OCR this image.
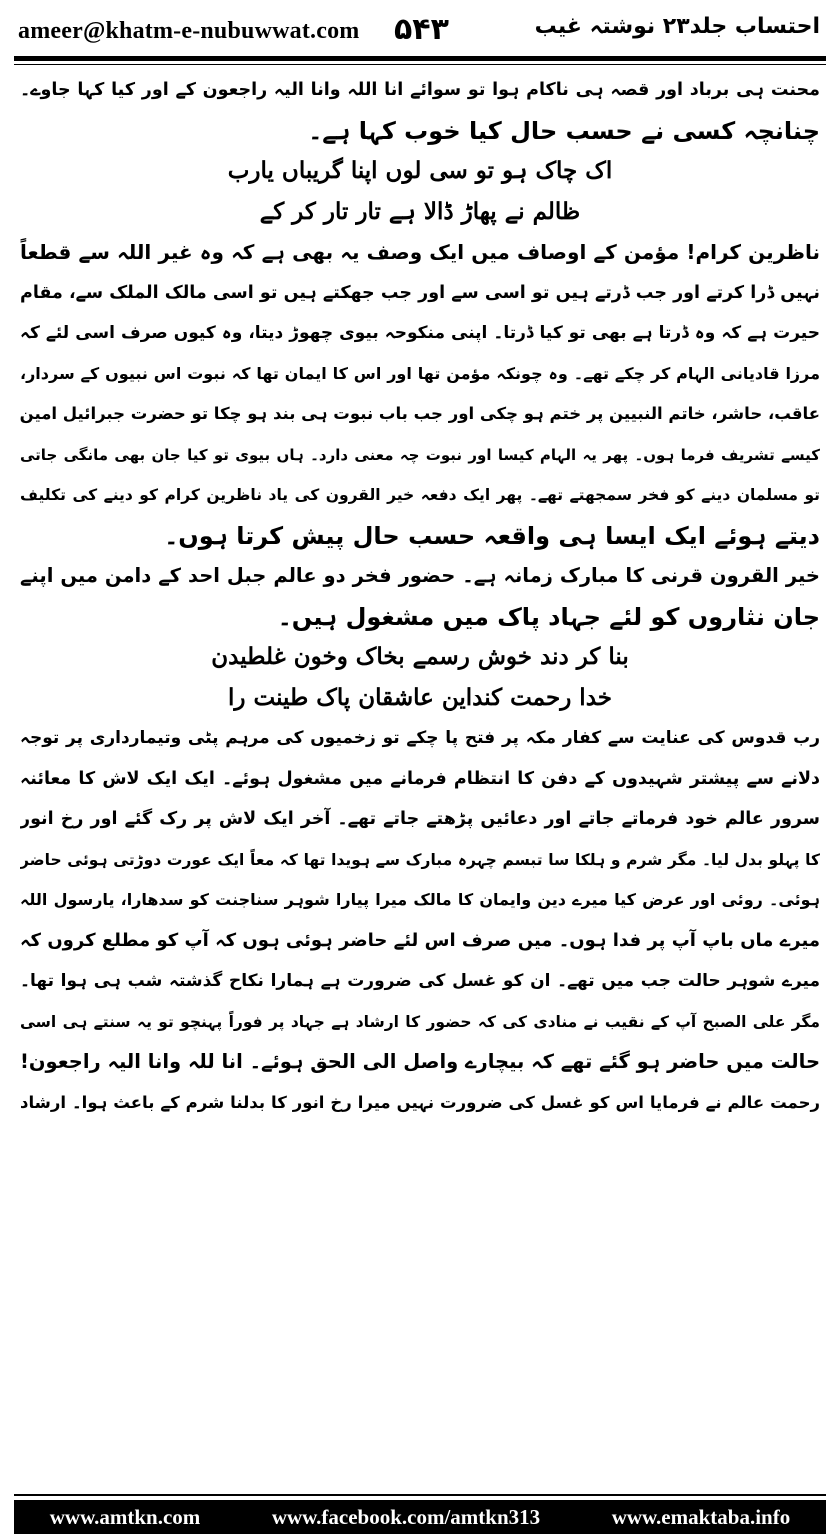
ameer@khatm-e-nubuwwat.com ۵۴۳	احتساب جلد۲۳ نوشتہ غیب
محنت ہی برباد اور قصہ ہی ناکام ہوا تو سوائے انا اللہ وانا الیہ راجعون کے اور کیا کہا جاوے۔
چنانچہ کسی نے حسب حال کیا خوب کہا ہے۔
اک چاک ہو تو سی لوں اپنا گریباں یارب
ظالم نے پھاڑ ڈالا ہے تار تار کر کے
ناظرین کرام! مؤمن کے اوصاف میں ایک وصف یہ بھی ہے کہ وہ غیر اللہ سے قطعاً
نہیں ڈرا کرتے اور جب ڈرتے ہیں تو اسی سے اور جب جھکتے ہیں تو اسی مالک الملک سے، مقام
حیرت ہے کہ وہ ڈرتا ہے بھی تو کیا ڈرتا۔ اپنی منکوحہ بیوی چھوڑ دیتا، وہ کیوں صرف اسی لئے کہ
مرزا قادیانی الہام کر چکے تھے۔ وہ چونکہ مؤمن تھا اور اس کا ایمان تھا کہ نبوت اس نبیوں کے سردار،
عاقب، حاشر، خاتم النبیین پر ختم ہو چکی اور جب باب نبوت ہی بند ہو چکا تو حضرت جبرائیل امین
کیسے تشریف فرما ہوں۔ پھر یہ الہام کیسا اور نبوت چہ معنی دارد۔ ہاں بیوی تو کیا جان بھی مانگی جاتی
تو مسلمان دینے کو فخر سمجھتے تھے۔ پھر ایک دفعہ خیر القرون کی یاد ناظرین کرام کو دینے کی تکلیف
دیتے ہوئے ایک ایسا ہی واقعہ حسب حال پیش کرتا ہوں۔
خیر القرون قرنی کا مبارک زمانہ ہے۔ حضور فخر دو عالم جبل احد کے دامن میں اپنے
جان نثاروں کو لئے جہاد پاک میں مشغول ہیں۔
بنا کر دند خوش رسمے بخاک وخون غلطیدن
خدا رحمت کنداین عاشقان پاک طینت را
رب قدوس کی عنایت سے کفار مکہ پر فتح پا چکے تو زخمیوں کی مرہم پٹی وتیمارداری پر توجہ
دلانے سے پیشتر شہیدوں کے دفن کا انتظام فرمانے میں مشغول ہوئے۔ ایک ایک لاش کا معائنہ
سرور عالم خود فرماتے جاتے اور دعائیں پڑھتے جاتے تھے۔ آخر ایک لاش پر رک گئے اور رخ انور
کا پہلو بدل لیا۔ مگر شرم و ہلکا سا تبسم چہرہ مبارک سے ہویدا تھا کہ معاً ایک عورت دوڑتی ہوئی حاضر
ہوئی۔ روئی اور عرض کیا میرے دین وایمان کا مالک میرا پیارا شوہر سناجنت کو سدھارا، یارسول اللہ
میرے ماں باپ آپ پر فدا ہوں۔ میں صرف اس لئے حاضر ہوئی ہوں کہ آپ کو مطلع کروں کہ
میرے شوہر حالت جب میں تھے۔ ان کو غسل کی ضرورت ہے ہمارا نکاح گذشتہ شب ہی ہوا تھا۔
مگر علی الصبح آپ کے نقیب نے منادی کی کہ حضور کا ارشاد ہے جہاد پر فوراً پہنچو تو یہ سنتے ہی اسی
حالت میں حاضر ہو گئے تھے کہ بیچارے واصل الی الحق ہوئے۔ انا للہ وانا الیہ راجعون!
رحمت عالم نے فرمایا اس کو غسل کی ضرورت نہیں میرا رخ انور کا بدلنا شرم کے باعث ہوا۔ ارشاد
www.amtkn.com	www.facebook.com/amtkn313	www.emaktaba.info
